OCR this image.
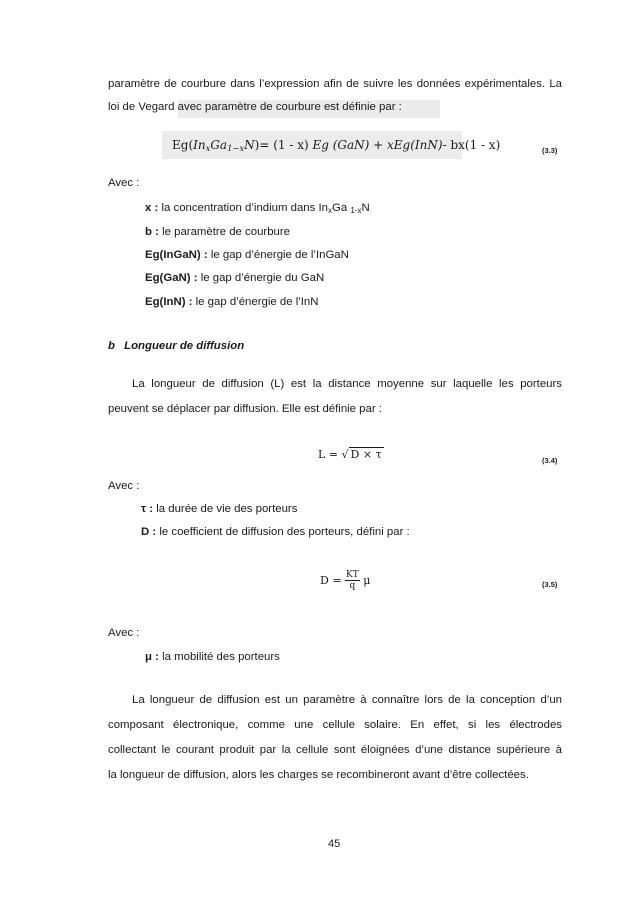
paramètre de courbure dans l’expression afin de suivre les données expérimentales. La
loi de Vegard avec paramètre de courbure est définie par :
$Eg(In_xGa_{1-x}N)= (1 - x)$ Eg (GaN) + xEg(InN)- bx(1 - x)	(3.3)
Avec :
x : la concentration d’indium dans $In_xGa$ $_{1-x}$N
b : le paramètre de courbure
Eg(InGaN) : le gap d’énergie de l’InGaN
Eg(GaN) : le gap d’énergie du GaN
Eg(InN) : le gap d’énergie de l’InN
b Longueur de diffusion
La longueur de diffusion (L) est la distance moyenne sur laquelle les porteurs
peuvent se déplacer par diffusion. Elle est définie par :
L = √ D × τ	(3.4)
Avec :
τ : la durée de vie des porteurs
D : le coefficient de diffusion des porteurs, défini par :
$D = \frac{KT}{q}$ μ	(3.5)
Avec :
μ : la mobilité des porteurs
La longueur de diffusion est un paramètre à connaître lors de la conception d’un
composant électronique, comme une cellule solaire. En effet, si les électrodes
collectant le courant produit par la cellule sont éloignées d’une distance supérieure à
la longueur de diffusion, alors les charges se recombineront avant d’être collectées.
45
